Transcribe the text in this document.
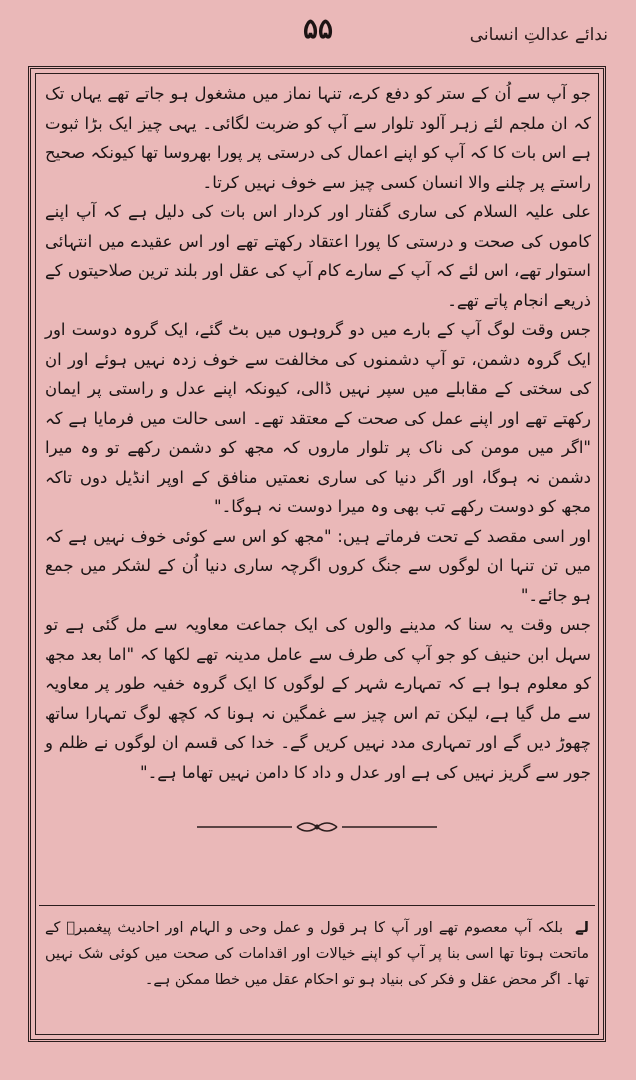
ندائے عدالتِ انسانی
۵۵

جو آپ سے اُن کے ستر کو دفع کرے، تنہا نماز میں مشغول ہو جاتے تھے یہاں تک کہ ان ملجم لئے زہر آلود تلوار سے آپ کو ضربت لگائی۔ یہی چیز ایک بڑا ثبوت ہے اس بات کا کہ آپ کو اپنے اعمال کی درستی پر پورا بھروسا تھا کیونکہ صحیح راستے پر چلنے والا انسان کسی چیز سے خوف نہیں کرتا۔

علی علیہ السلام کی ساری گفتار اور کردار اس بات کی دلیل ہے کہ آپ اپنے کاموں کی صحت و درستی کا پورا اعتقاد رکھتے تھے اور اس عقیدے میں انتہائی استوار تھے، اس لئے کہ آپ کے سارے کام آپ کی عقل اور بلند ترین صلاحیتوں کے ذریعے انجام پاتے تھے۔

جس وقت لوگ آپ کے بارے میں دو گروہوں میں بٹ گئے، ایک گروہ دوست اور ایک گروہ دشمن، تو آپ دشمنوں کی مخالفت سے خوف زدہ نہیں ہوئے اور ان کی سختی کے مقابلے میں سپر نہیں ڈالی، کیونکہ اپنے عدل و راستی پر ایمان رکھتے تھے اور اپنے عمل کی صحت کے معتقد تھے۔ اسی حالت میں فرمایا ہے کہ "اگر میں مومن کی ناک پر تلوار ماروں کہ مجھ کو دشمن رکھے تو وہ میرا دشمن نہ ہوگا، اور اگر دنیا کی ساری نعمتیں منافق کے اوپر انڈیل دوں تاکہ مجھ کو دوست رکھے تب بھی وہ میرا دوست نہ ہوگا۔"

اور اسی مقصد کے تحت فرماتے ہیں: "مجھ کو اس سے کوئی خوف نہیں ہے کہ میں تن تنہا ان لوگوں سے جنگ کروں اگرچہ ساری دنیا اُن کے لشکر میں جمع ہو جائے۔"

جس وقت یہ سنا کہ مدینے والوں کی ایک جماعت معاویہ سے مل گئی ہے تو سہل ابن حنیف کو جو آپ کی طرف سے عامل مدینہ تھے لکھا کہ "اما بعد مجھ کو معلوم ہوا ہے کہ تمہارے شہر کے لوگوں کا ایک گروہ خفیہ طور پر معاویہ سے مل گیا ہے، لیکن تم اس چیز سے غمگین نہ ہونا کہ کچھ لوگ تمہارا ساتھ چھوڑ دیں گے اور تمہاری مدد نہیں کریں گے۔ خدا کی قسم ان لوگوں نے ظلم و جور سے گریز نہیں کی ہے اور عدل و داد کا دامن نہیں تھاما ہے۔"

لے بلکہ آپ معصوم تھے اور آپ کا ہر قول و عمل وحی و الہام اور احادیث پیغمبرؐ کے ماتحت ہوتا تھا اسی بنا پر آپ کو اپنے خیالات اور اقدامات کی صحت میں کوئی شک نہیں تھا۔ اگر محض عقل و فکر کی بنیاد ہو تو احکام عقل میں خطا ممکن ہے۔
